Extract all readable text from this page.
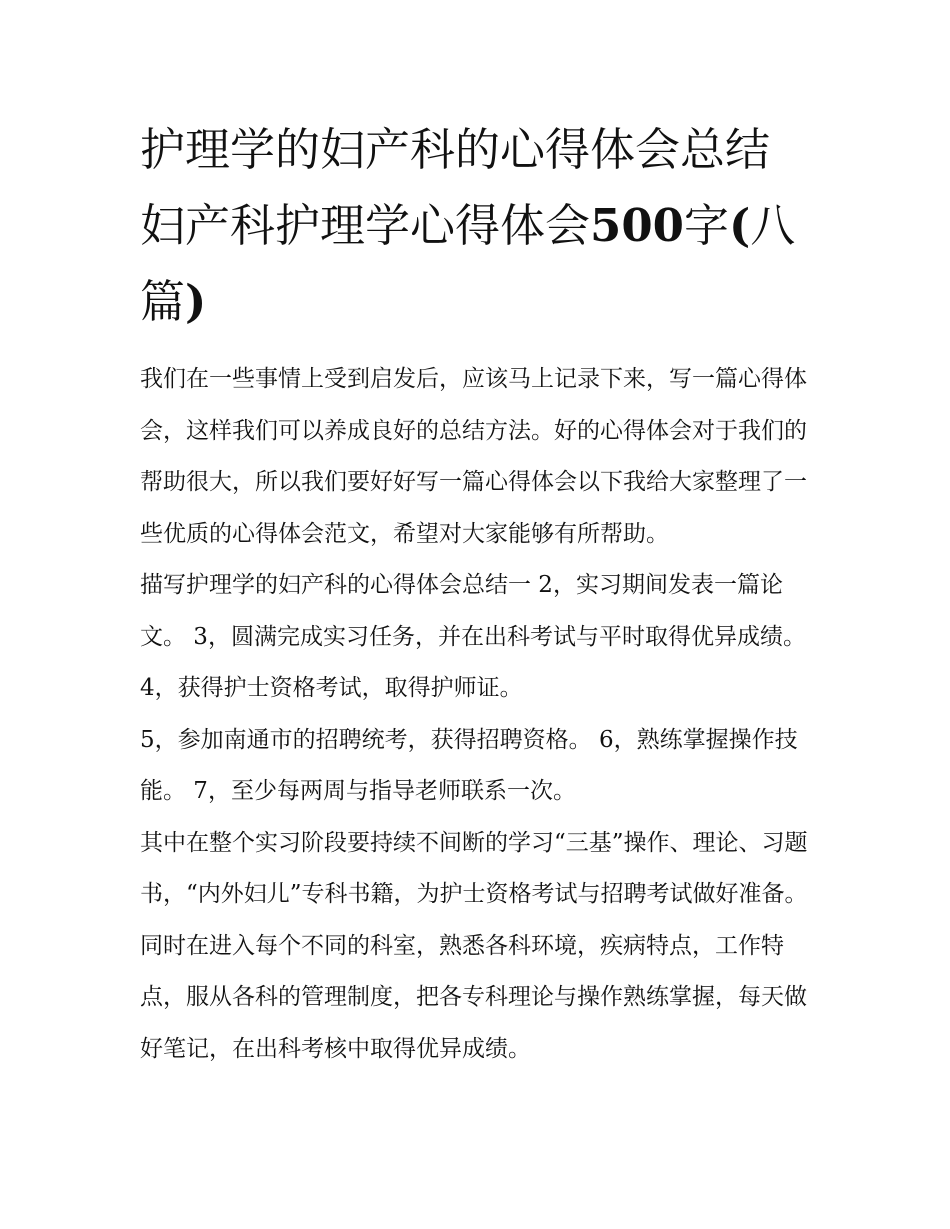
护理学的妇产科的心得体会总结 妇产科护理学心得体会500字(八篇)

我们在一些事情上受到启发后，应该马上记录下来，写一篇心得体会，这样我们可以养成良好的总结方法。好的心得体会对于我们的帮助很大，所以我们要好好写一篇心得体会以下我给大家整理了一些优质的心得体会范文，希望对大家能够有所帮助。

描写护理学的妇产科的心得体会总结一 2，实习期间发表一篇论文。 3，圆满完成实习任务，并在出科考试与平时取得优异成绩。 4，获得护士资格考试，取得护师证。

5，参加南通市的招聘统考，获得招聘资格。 6，熟练掌握操作技能。 7，至少每两周与指导老师联系一次。

其中在整个实习阶段要持续不间断的学习“三基”操作、理论、习题书，“内外妇儿”专科书籍，为护士资格考试与招聘考试做好准备。同时在进入每个不同的科室，熟悉各科环境，疾病特点，工作特点，服从各科的管理制度，把各专科理论与操作熟练掌握，每天做好笔记，在出科考核中取得优异成绩。
